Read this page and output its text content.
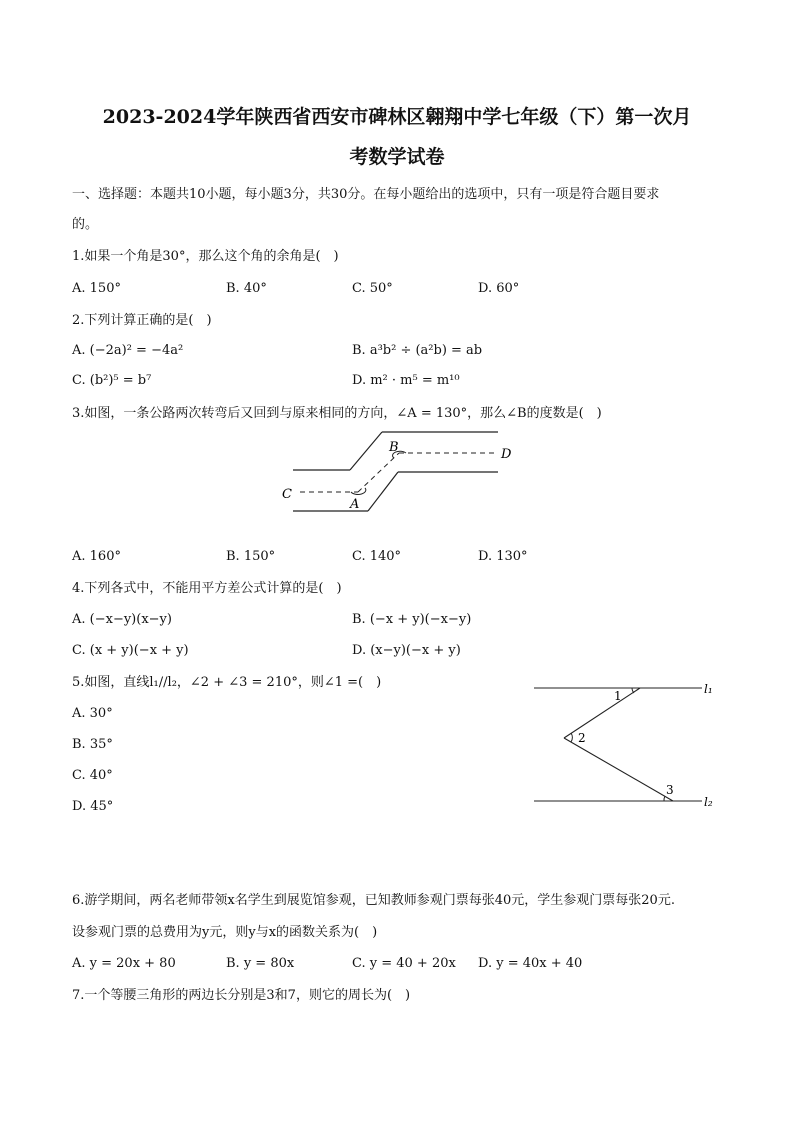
2023-2024学年陕西省西安市碑林区翱翔中学七年级（下）第一次月
考数学试卷
一、选择题：本题共10小题，每小题3分，共30分。在每小题给出的选项中，只有一项是符合题目要求
的。
1.如果一个角是30°，那么这个角的余角是(　)
A. 150°	B. 40°	C. 50°	D. 60°
2.下列计算正确的是(　)
A. (−2a)² = −4a²	B. a³b² ÷ (a²b) = ab
C. (b²)⁵ = b⁷	D. m² · m⁵ = m¹⁰
3.如图，一条公路两次转弯后又回到与原来相同的方向，∠A = 130°，那么∠B的度数是(　)
B	D
C
A
A. 160°	B. 150°	C. 140°	D. 130°
4.下列各式中，不能用平方差公式计算的是(　)
A. (−x−y)(x−y)	B. (−x + y)(−x−y)
C. (x + y)(−x + y)	D. (x−y)(−x + y)
5.如图，直线l₁//l₂，∠2 + ∠3 = 210°，则∠1 =(　)
A. 30°
B. 35°
C. 40°
D. 45°
1
2
3
l₁
l₂
6.游学期间，两名老师带领x名学生到展览馆参观，已知教师参观门票每张40元，学生参观门票每张20元.
设参观门票的总费用为y元，则y与x的函数关系为(　)
A. y = 20x + 80	B. y = 80x	C. y = 40 + 20x D. y = 40x + 40
7.一个等腰三角形的两边长分别是3和7，则它的周长为(　)
